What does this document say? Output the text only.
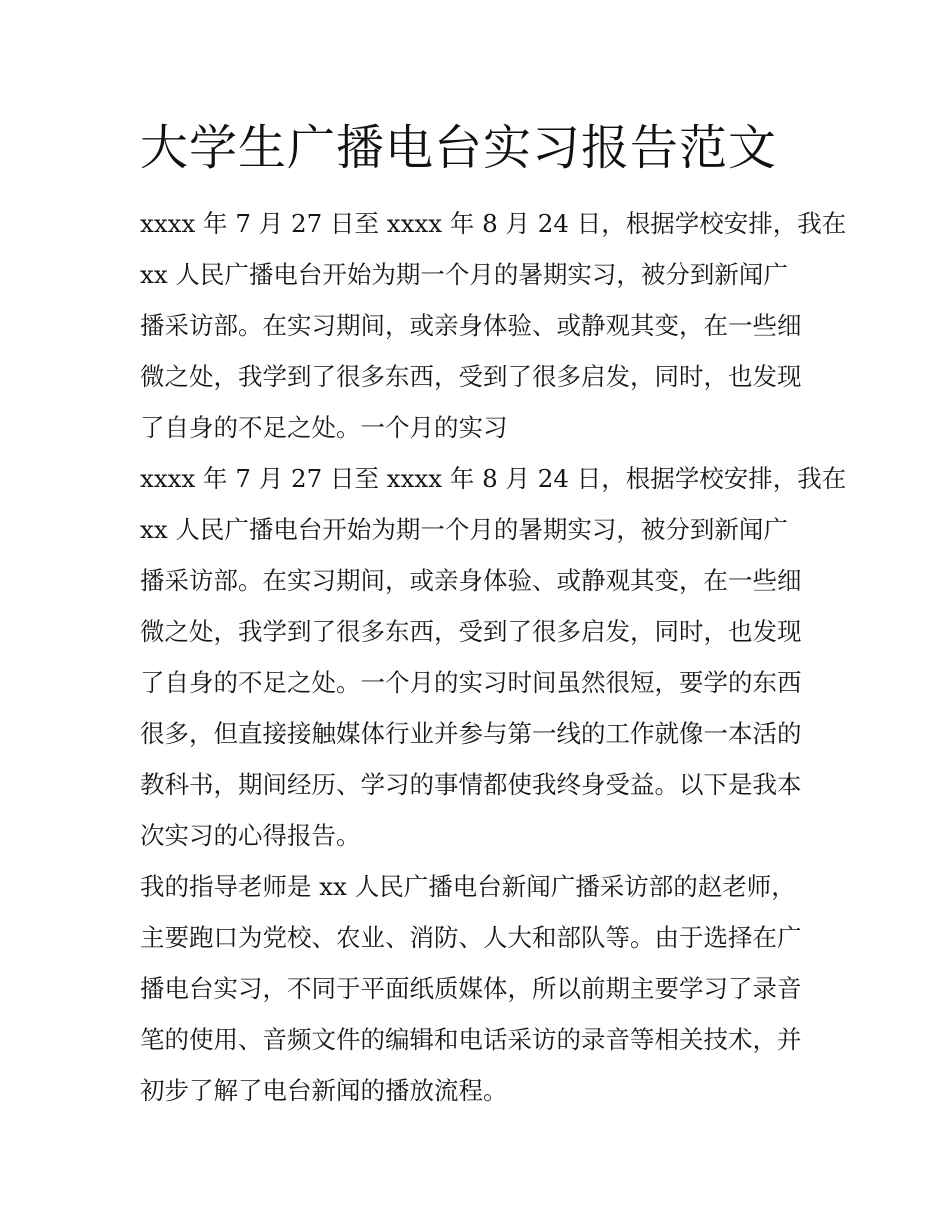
大学生广播电台实习报告范文
xxxx 年 7 月 27 日至 xxxx 年 8 月 24 日，根据学校安排，我在
xx 人民广播电台开始为期一个月的暑期实习，被分到新闻广
播采访部。在实习期间，或亲身体验、或静观其变，在一些细
微之处，我学到了很多东西，受到了很多启发，同时，也发现
了自身的不足之处。一个月的实习
xxxx 年 7 月 27 日至 xxxx 年 8 月 24 日，根据学校安排，我在
xx 人民广播电台开始为期一个月的暑期实习，被分到新闻广
播采访部。在实习期间，或亲身体验、或静观其变，在一些细
微之处，我学到了很多东西，受到了很多启发，同时，也发现
了自身的不足之处。一个月的实习时间虽然很短，要学的东西
很多，但直接接触媒体行业并参与第一线的工作就像一本活的
教科书，期间经历、学习的事情都使我终身受益。以下是我本
次实习的心得报告。
我的指导老师是 xx 人民广播电台新闻广播采访部的赵老师，
主要跑口为党校、农业、消防、人大和部队等。由于选择在广
播电台实习，不同于平面纸质媒体，所以前期主要学习了录音
笔的使用、音频文件的编辑和电话采访的录音等相关技术，并
初步了解了电台新闻的播放流程。
